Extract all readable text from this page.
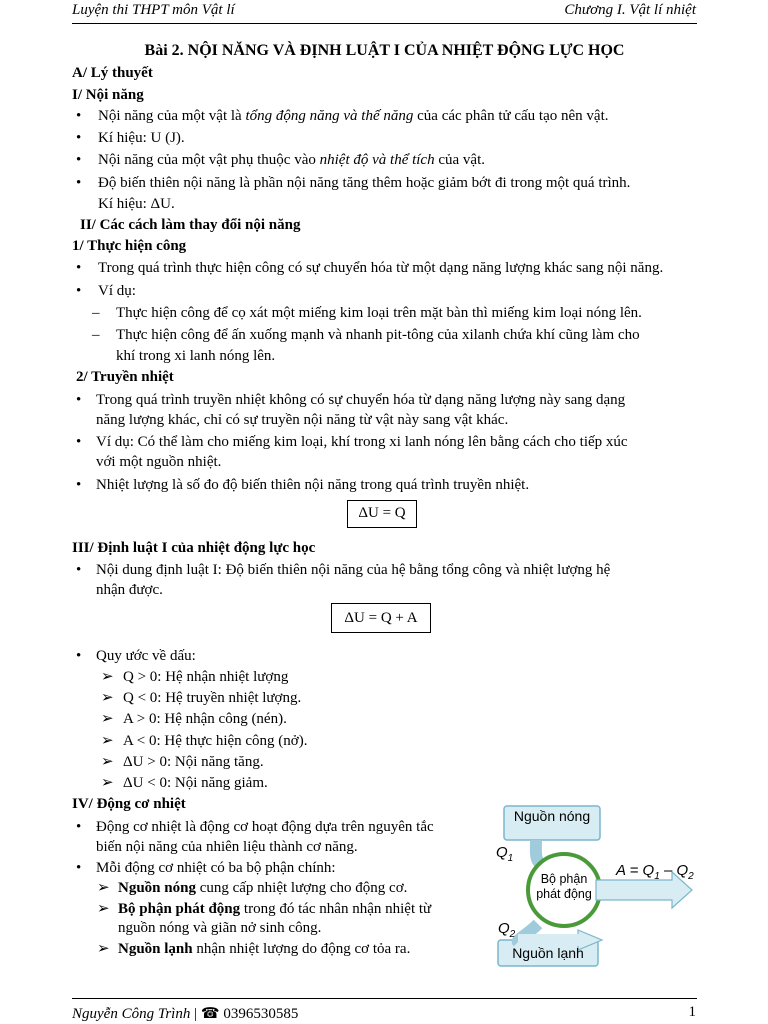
Luyện thi THPT môn Vật lí	Chương I. Vật lí nhiệt
Bài 2. NỘI NĂNG VÀ ĐỊNH LUẬT I CỦA NHIỆT ĐỘNG LỰC HỌC
A/ Lý thuyết
I/ Nội năng
• Nội năng của một vật là tổng động năng và thế năng của các phân tử cấu tạo nên vật.
• Kí hiệu: U (J).
• Nội năng của một vật phụ thuộc vào nhiệt độ và thể tích của vật.
• Độ biến thiên nội năng là phần nội năng tăng thêm hoặc giảm bớt đi trong một quá trình.
Kí hiệu: ΔU.
II/ Các cách làm thay đổi nội năng
1/ Thực hiện công
• Trong quá trình thực hiện công có sự chuyển hóa từ một dạng năng lượng khác sang nội năng.
• Ví dụ:
– Thực hiện công để cọ xát một miếng kim loại trên mặt bàn thì miếng kim loại nóng lên.
– Thực hiện công để ấn xuống mạnh và nhanh pit-tông của xilanh chứa khí cũng làm cho
khí trong xi lanh nóng lên.
2/ Truyền nhiệt
• Trong quá trình truyền nhiệt không có sự chuyển hóa từ dạng năng lượng này sang dạng
năng lượng khác, chỉ có sự truyền nội năng từ vật này sang vật khác.
• Ví dụ: Có thể làm cho miếng kim loại, khí trong xi lanh nóng lên bằng cách cho tiếp xúc
với một nguồn nhiệt.
• Nhiệt lượng là số đo độ biến thiên nội năng trong quá trình truyền nhiệt.
ΔU = Q
III/ Định luật I của nhiệt động lực học
• Nội dung định luật I: Độ biến thiên nội năng của hệ bằng tổng công và nhiệt lượng hệ
nhận được.
ΔU = Q + A
• Quy ước về dấu:
➢ Q > 0: Hệ nhận nhiệt lượng
➢ Q < 0: Hệ truyền nhiệt lượng.
➢ A > 0: Hệ nhận công (nén).
➢ A < 0: Hệ thực hiện công (nở).
➢ ΔU > 0: Nội năng tăng.
➢ ΔU < 0: Nội năng giảm.
IV/ Động cơ nhiệt
• Động cơ nhiệt là động cơ hoạt động dựa trên nguyên tắc
biến nội năng của nhiên liệu thành cơ năng.
• Mỗi động cơ nhiệt có ba bộ phận chính:
➢ Nguồn nóng cung cấp nhiệt lượng cho động cơ.
➢ Bộ phận phát động trong đó tác nhân nhận nhiệt từ
nguồn nóng và giãn nở sinh công.
➢ Nguồn lạnh nhận nhiệt lượng do động cơ tỏa ra.
Nguồn nóng
Nguồn lạnh
Bộ phận
phát động
$Q_1$
$Q_2$
$A = Q_1 - Q_2$
Nguyễn Công Trình | ☎ 0396530585	1
